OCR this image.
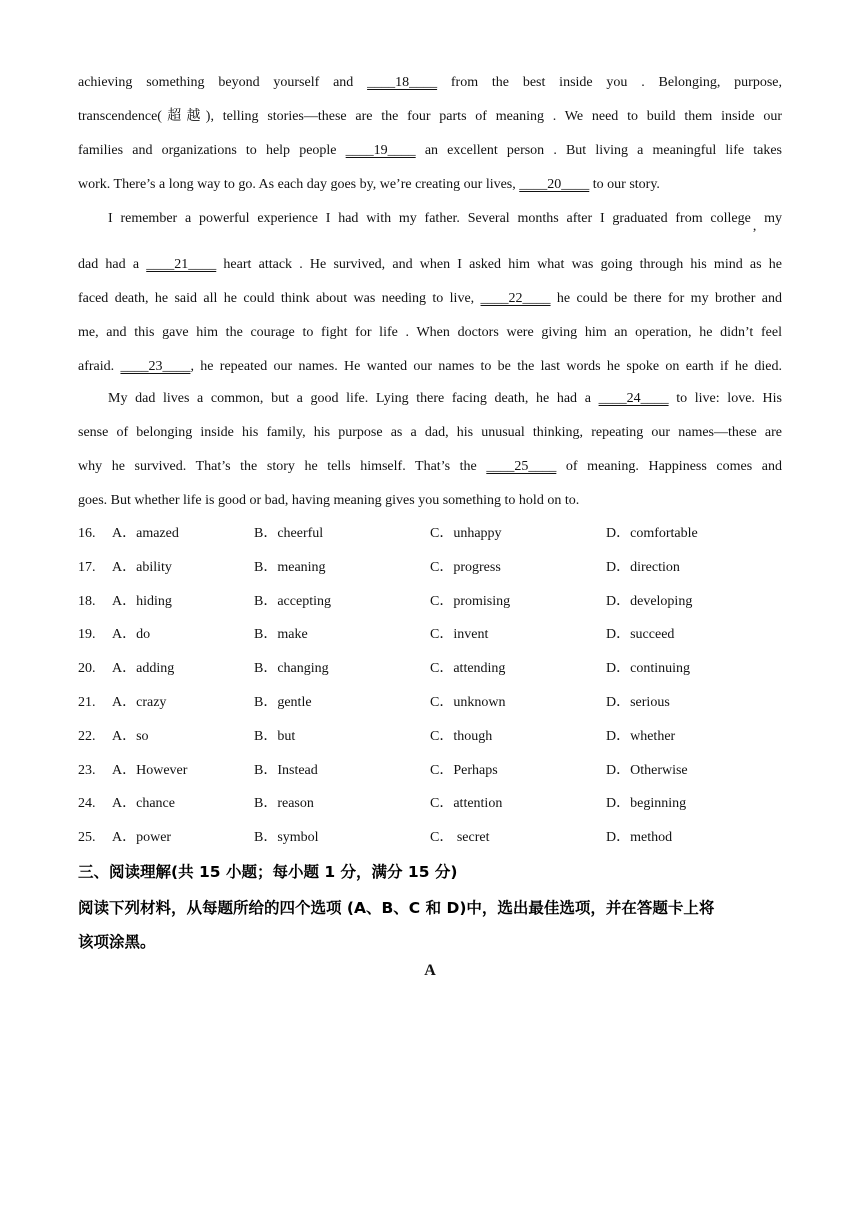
achieving something beyond yourself and ____18____ from the best inside you . Belonging, purpose,
transcendence(超越), telling stories—these are the four parts of meaning . We need to build them inside our
families and organizations to help people ____19____ an excellent person . But living a meaningful life takes
work. There’s a long way to go. As each day goes by, we’re creating our lives, ____20____ to our story.
I remember a powerful experience I had with my father. Several months after I graduated from college, my
dad had a ____21____ heart attack . He survived, and when I asked him what was going through his mind as he
faced death, he said all he could think about was needing to live, ____22____ he could be there for my brother and
me, and this gave him the courage to fight for life . When doctors were giving him an operation, he didn’t feel
afraid. ____23____, he repeated our names. He wanted our names to be the last words he spoke on earth if he died.
My dad lives a common, but a good life. Lying there facing death, he had a ____24____ to live: love. His
sense of belonging inside his family, his purpose as a dad, his unusual thinking, repeating our names—these are
why he survived. That’s the story he tells himself. That’s the ____25____ of meaning. Happiness comes and
goes. But whether life is good or bad, having meaning gives you something to hold on to.
16. A．amazed	B．cheerful	C．unhappy	D．comfortable
17. A．ability	B．meaning	C．progress	D．direction
18. A．hiding	B．accepting	C．promising	D．developing
19. A．do	B．make	C．invent	D．succeed
20. A．adding	B．changing	C．attending	D．continuing
21. A．crazy	B．gentle	C．unknown	D．serious
22. A．so	B．but	C．though	D．whether
23. A．However	B．Instead	C．Perhaps	D．Otherwise
24. A．chance	B．reason	C．attention	D．beginning
25. A．power	B．symbol	C． secret	D．method
三、阅读理解(共 15 小题；每小题 1 分，满分 15 分)
阅读下列材料，从每题所给的四个选项 (A、B、C 和 D)中，选出最佳选项，并在答题卡上将
该项涂黑。
A
